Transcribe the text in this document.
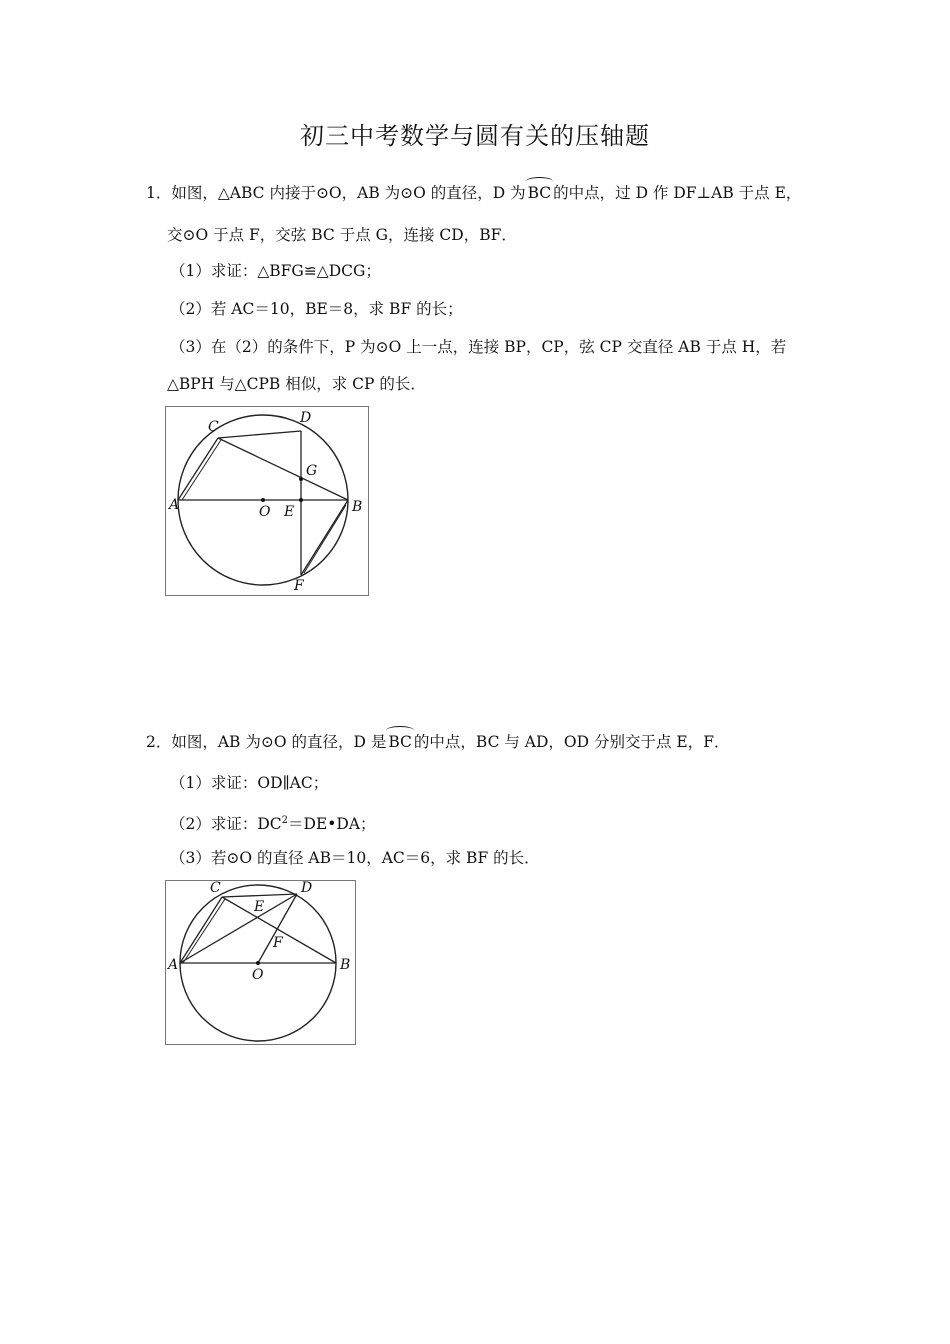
初三中考数学与圆有关的压轴题
1．如图，△ABC 内接于⊙O，AB 为⊙O 的直径，D 为 BC 的中点，过 D 作 DF⊥AB 于点 E，
交⊙O 于点 F，交弦 BC 于点 G，连接 CD，BF．
（1）求证：△BFG≌△DCG；
（2）若 AC＝10，BE＝8，求 BF 的长；
（3）在（2）的条件下，P 为⊙O 上一点，连接 BP，CP，弦 CP 交直径 AB 于点 H，若
△BPH 与△CPB 相似，求 CP 的长．
C
D
G
A	O E	B
F
2．如图，AB 为⊙O 的直径，D 是 BC 的中点，BC 与 AD，OD 分别交于点 E，F．
（1）求证：OD∥AC；
（2）求证：$DC^2=DE•DA$；
（3）若⊙O 的直径 AB＝10，AC＝6，求 BF 的长．
C	D
E
F
A
O
B
